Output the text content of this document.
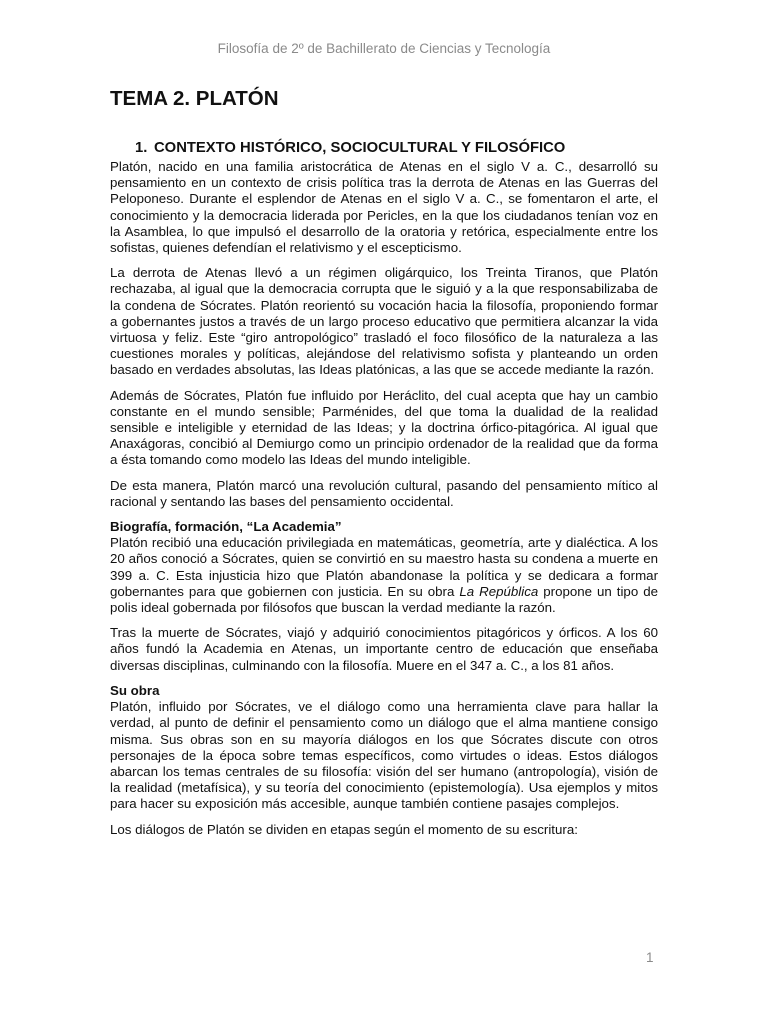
Filosofía de 2º de Bachillerato de Ciencias y Tecnología
TEMA 2. PLATÓN
1. CONTEXTO HISTÓRICO, SOCIOCULTURAL Y FILOSÓFICO

Platón, nacido en una familia aristocrática de Atenas en el siglo V a. C., desarrolló su pensamiento en un contexto de crisis política tras la derrota de Atenas en las Guerras del Peloponeso. Durante el esplendor de Atenas en el siglo V a. C., se fomentaron el arte, el conocimiento y la democracia liderada por Pericles, en la que los ciudadanos tenían voz en la Asamblea, lo que impulsó el desarrollo de la oratoria y retórica, especialmente entre los sofistas, quienes defendían el relativismo y el escepticismo.

La derrota de Atenas llevó a un régimen oligárquico, los Treinta Tiranos, que Platón rechazaba, al igual que la democracia corrupta que le siguió y a la que responsabilizaba de la condena de Sócrates. Platón reorientó su vocación hacia la filosofía, proponiendo formar a gobernantes justos a través de un largo proceso educativo que permitiera alcanzar la vida virtuosa y feliz. Este “giro antropológico” trasladó el foco filosófico de la naturaleza a las cuestiones morales y políticas, alejándose del relativismo sofista y planteando un orden basado en verdades absolutas, las Ideas platónicas, a las que se accede mediante la razón.

Además de Sócrates, Platón fue influido por Heráclito, del cual acepta que hay un cambio constante en el mundo sensible; Parménides, del que toma la dualidad de la realidad sensible e inteligible y eternidad de las Ideas; y la doctrina órfico-pitagórica. Al igual que Anaxágoras, concibió al Demiurgo como un principio ordenador de la realidad que da forma a ésta tomando como modelo las Ideas del mundo inteligible.

De esta manera, Platón marcó una revolución cultural, pasando del pensamiento mítico al racional y sentando las bases del pensamiento occidental.

Biografía, formación, “La Academia”
Platón recibió una educación privilegiada en matemáticas, geometría, arte y dialéctica. A los 20 años conoció a Sócrates, quien se convirtió en su maestro hasta su condena a muerte en 399 a. C. Esta injusticia hizo que Platón abandonase la política y se dedicara a formar gobernantes para que gobiernen con justicia. En su obra La República propone un tipo de polis ideal gobernada por filósofos que buscan la verdad mediante la razón.

Tras la muerte de Sócrates, viajó y adquirió conocimientos pitagóricos y órficos. A los 60 años fundó la Academia en Atenas, un importante centro de educación que enseñaba diversas disciplinas, culminando con la filosofía. Muere en el 347 a. C., a los 81 años.

Su obra
Platón, influido por Sócrates, ve el diálogo como una herramienta clave para hallar la verdad, al punto de definir el pensamiento como un diálogo que el alma mantiene consigo misma. Sus obras son en su mayoría diálogos en los que Sócrates discute con otros personajes de la época sobre temas específicos, como virtudes o ideas. Estos diálogos abarcan los temas centrales de su filosofía: visión del ser humano (antropología), visión de la realidad (metafísica), y su teoría del conocimiento (epistemología). Usa ejemplos y mitos para hacer su exposición más accesible, aunque también contiene pasajes complejos.

Los diálogos de Platón se dividen en etapas según el momento de su escritura:

1
